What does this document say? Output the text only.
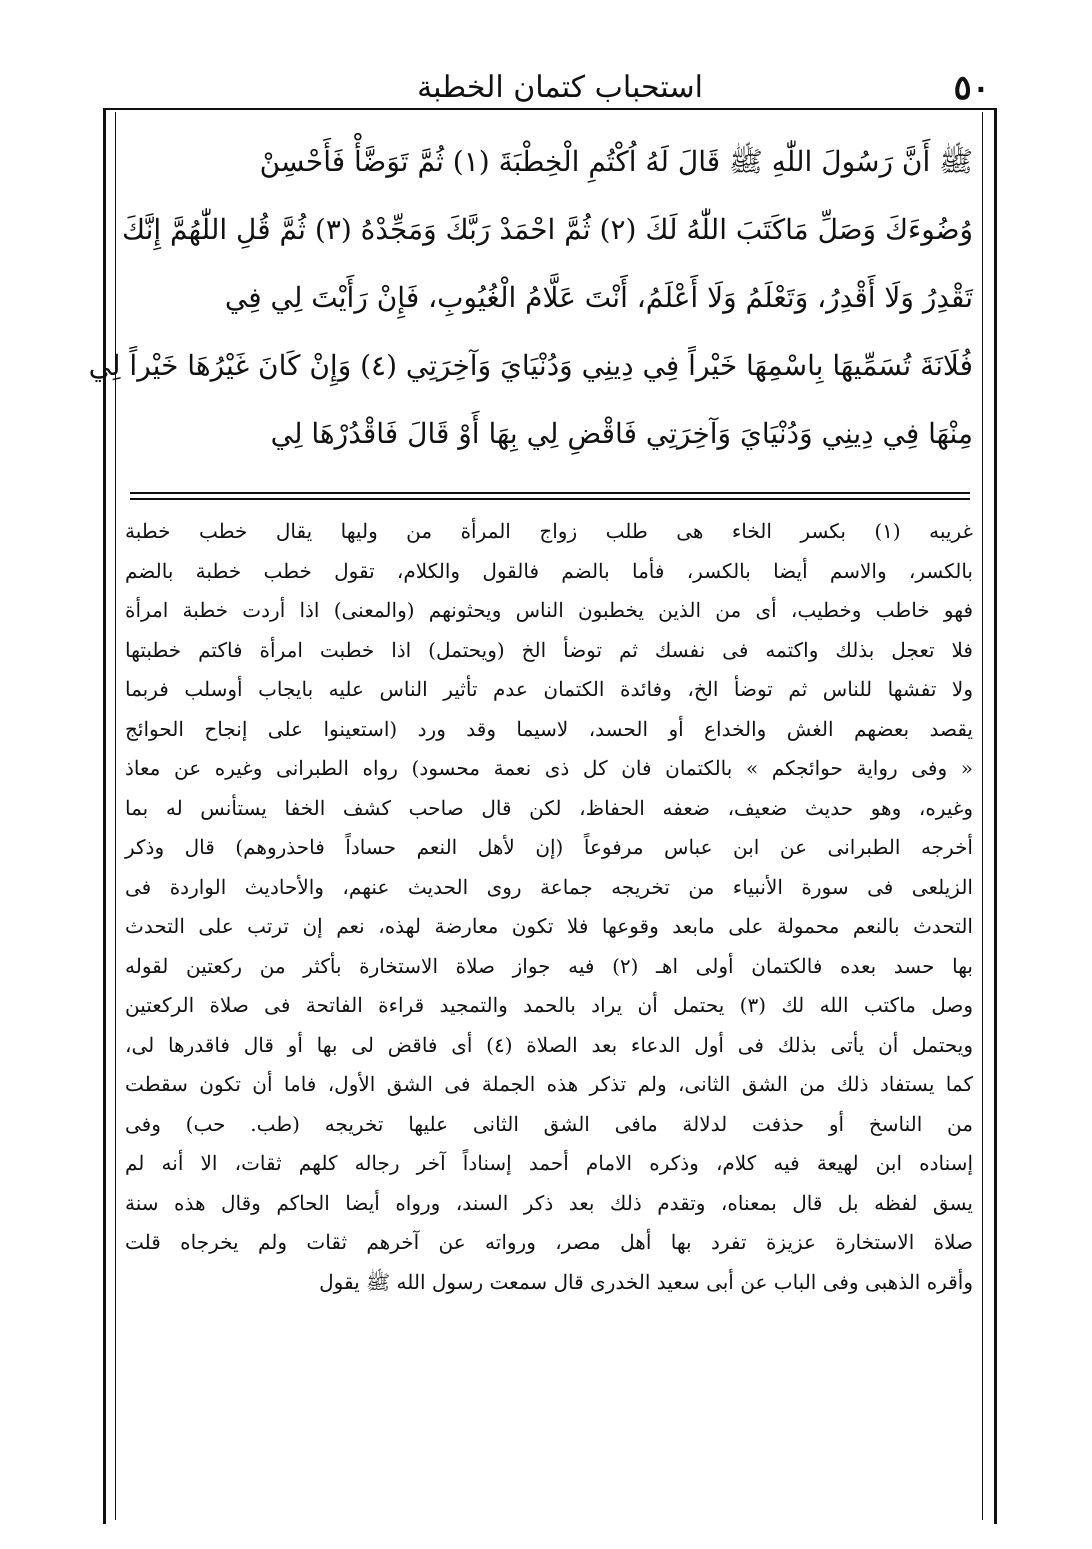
٥٠
استحباب كتمان الخطبة
ﷺ أَنَّ رَسُولَ اللّٰهِ ﷺ قَالَ لَهُ اُكْتُمِ الْخِطْبَةَ (١) ثُمَّ تَوَضَّأْ فَأَحْسِنْ
وُضُوءَكَ وَصَلِّ مَاكَتَبَ اللّٰهُ لَكَ (٢) ثُمَّ احْمَدْ رَبَّكَ وَمَجِّدْهُ (٣) ثُمَّ قُلِ اللّٰهُمَّ إِنَّكَ
تَقْدِرُ وَلَا أَقْدِرُ، وَتَعْلَمُ وَلَا أَعْلَمُ، أَنْتَ عَلَّامُ الْغُيُوبِ، فَإِنْ رَأَيْتَ لِي فِي
فُلَانَةَ تُسَمِّيهَا بِاسْمِهَا خَيْراً فِي دِينِي وَدُنْيَايَ وَآخِرَتِي (٤) وَإِنْ كَانَ غَيْرُهَا خَيْراً لِي
مِنْهَا فِي دِينِي وَدُنْيَايَ وَآخِرَتِي فَاقْضِ لِي بِهَا أَوْ قَالَ فَاقْدُرْهَا لِي
غريبه (١) بكسر الخاء هى طلب زواج المرأة من وليها يقال خطب خطبة
بالكسر، والاسم أيضا بالكسر، فأما بالضم فالقول والكلام، تقول خطب خطبة بالضم
فهو خاطب وخطيب، أى من الذين يخطبون الناس ويحثونهم (والمعنى) اذا أردت خطبة امرأة
فلا تعجل بذلك واكتمه فى نفسك ثم توضأ الخ (ويحتمل) اذا خطبت امرأة فاكتم خطبتها
ولا تفشها للناس ثم توضأ الخ، وفائدة الكتمان عدم تأثير الناس عليه بايجاب أوسلب فربما
يقصد بعضهم الغش والخداع أو الحسد، لاسيما وقد ورد (استعينوا على إنجاح الحوائج
« وفى رواية حوائجكم » بالكتمان فان كل ذى نعمة محسود) رواه الطبرانى وغيره عن معاذ
وغيره، وهو حديث ضعيف، ضعفه الحفاظ، لكن قال صاحب كشف الخفا يستأنس له بما
أخرجه الطبرانى عن ابن عباس مرفوعاً (إن لأهل النعم حساداً فاحذروهم) قال وذكر
الزيلعى فى سورة الأنبياء من تخريجه جماعة روى الحديث عنهم، والأحاديث الواردة فى
التحدث بالنعم محمولة على مابعد وقوعها فلا تكون معارضة لهذه، نعم إن ترتب على التحدث
بها حسد بعده فالكتمان أولى اهـ (٢) فيه جواز صلاة الاستخارة بأكثر من ركعتين لقوله
وصل ماكتب الله لك (٣) يحتمل أن يراد بالحمد والتمجيد قراءة الفاتحة فى صلاة الركعتين
ويحتمل أن يأتى بذلك فى أول الدعاء بعد الصلاة (٤) أى فاقض لى بها أو قال فاقدرها لى،
كما يستفاد ذلك من الشق الثانى، ولم تذكر هذه الجملة فى الشق الأول، فاما أن تكون سقطت
من الناسخ أو حذفت لدلالة مافى الشق الثانى عليها تخريجه (طب. حب) وفى
إسناده ابن لهيعة فيه كلام، وذكره الامام أحمد إسناداً آخر رجاله كلهم ثقات، الا أنه لم
يسق لفظه بل قال بمعناه، وتقدم ذلك بعد ذكر السند، ورواه أيضا الحاكم وقال هذه سنة
صلاة الاستخارة عزيزة تفرد بها أهل مصر، ورواته عن آخرهم ثقات ولم يخرجاه قلت
وأقره الذهبى وفى الباب عن أبى سعيد الخدرى قال سمعت رسول الله ﷺ يقول
